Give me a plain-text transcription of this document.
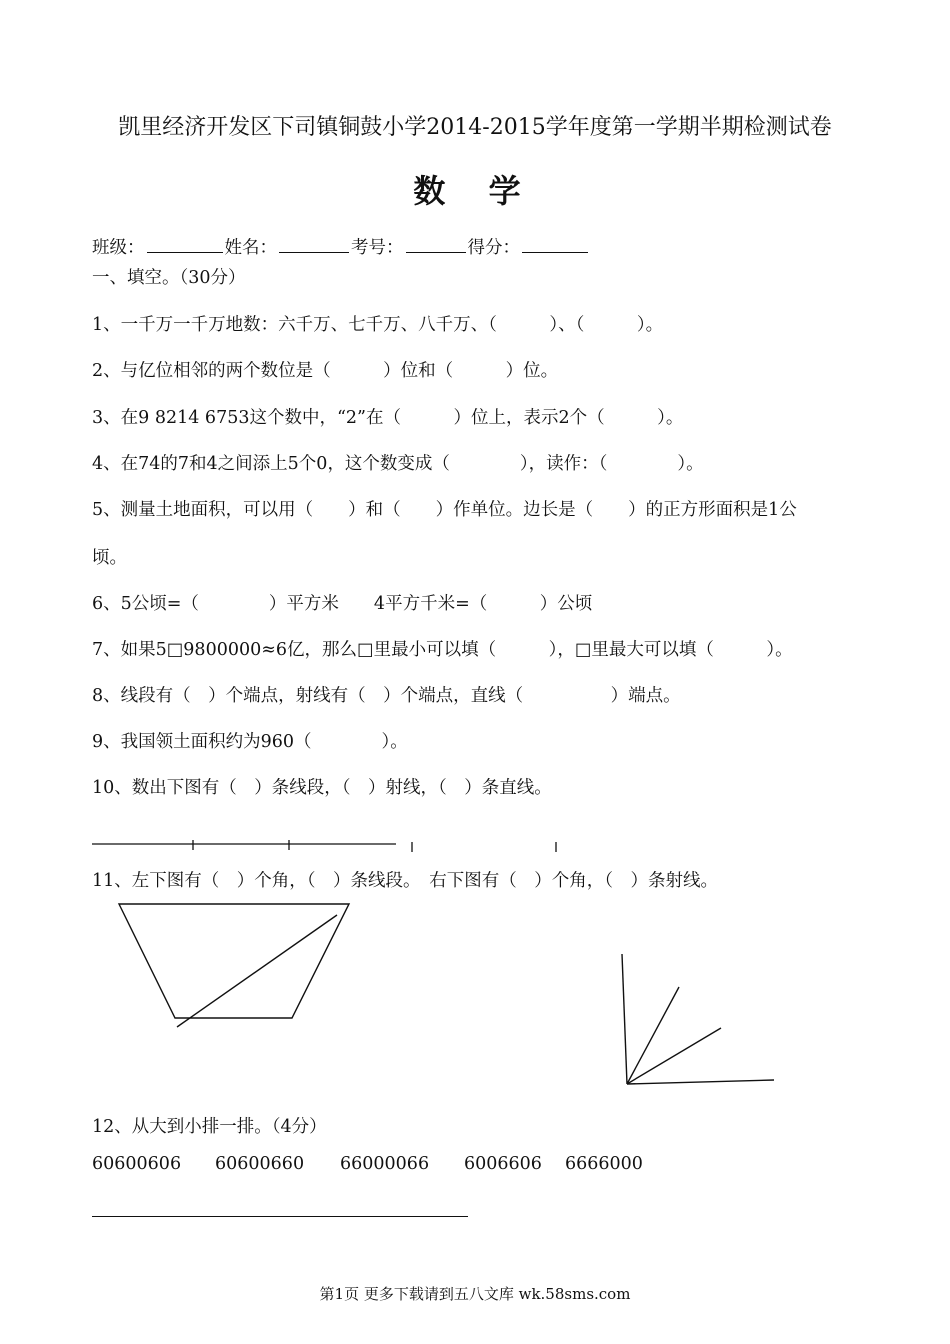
凯里经济开发区下司镇铜鼓小学2014-2015学年度第一学期半期检测试卷
数 学
班级：	姓名：	考号：	得分：
一、填空。（30分）
1、一千万一千万地数：六千万、七千万、八千万、（　　　）、（　　　）。
2、与亿位相邻的两个数位是（　　　）位和（　　　）位。
3、在9 8214 6753这个数中，“2”在（　　　）位上，表示2个（　　　）。
4、在74的7和4之间添上5个0，这个数变成（　　　　），读作：（　　　　）。
5、测量土地面积，可以用（　　）和（　　）作单位。边长是（　　）的正方形面积是1公
顷。
6、5公顷=（　　　　）平方米　　4平方千米=（　　　）公顷
7、如果5□9800000≈6亿，那么□里最小可以填（　　　），□里最大可以填（　　　）。
8、线段有（　）个端点，射线有（　）个端点，直线（　　　　　）端点。
9、我国领土面积约为960（　　　　）。
10、数出下图有（　）条线段，（　）射线，（　）条直线。
11、左下图有（　）个角，（　）条线段。　右下图有（　）个角，（　）条射线。
12、从大到小排一排。（4分）
60600606 60600660 66000066 6006606 6666000
第1页 更多下载请到五八文库 wk.58sms.com
